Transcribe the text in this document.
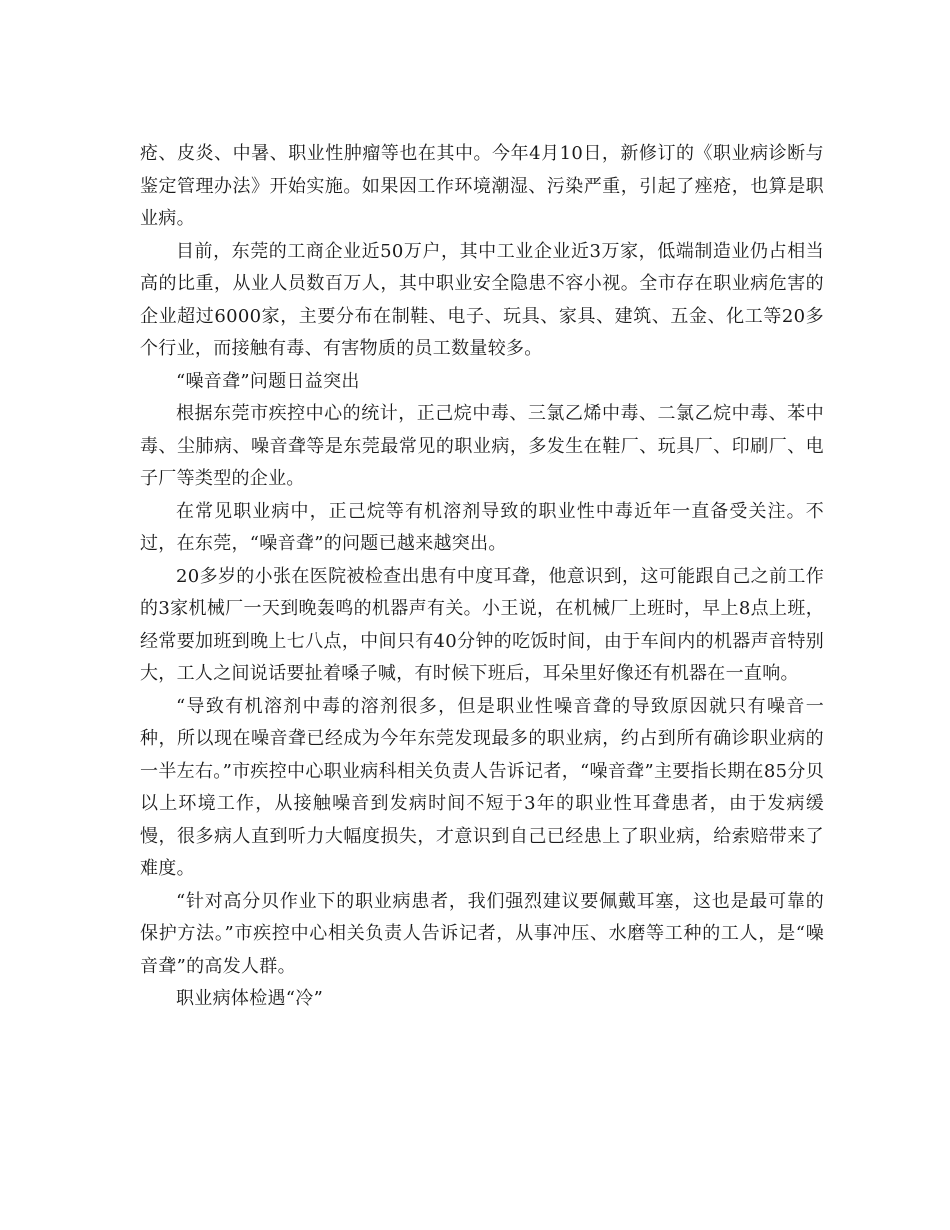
疮、皮炎、中暑、职业性肿瘤等也在其中。今年4月10日，新修订的《职业病诊断与鉴定管理办法》开始实施。如果因工作环境潮湿、污染严重，引起了痤疮，也算是职业病。

目前，东莞的工商企业近50万户，其中工业企业近3万家，低端制造业仍占相当高的比重，从业人员数百万人，其中职业安全隐患不容小视。全市存在职业病危害的企业超过6000家，主要分布在制鞋、电子、玩具、家具、建筑、五金、化工等20多个行业，而接触有毒、有害物质的员工数量较多。

“噪音聋”问题日益突出

根据东莞市疾控中心的统计，正己烷中毒、三氯乙烯中毒、二氯乙烷中毒、苯中毒、尘肺病、噪音聋等是东莞最常见的职业病，多发生在鞋厂、玩具厂、印刷厂、电子厂等类型的企业。

在常见职业病中，正己烷等有机溶剂导致的职业性中毒近年一直备受关注。不过，在东莞，“噪音聋”的问题已越来越突出。

20多岁的小张在医院被检查出患有中度耳聋，他意识到，这可能跟自己之前工作的3家机械厂一天到晚轰鸣的机器声有关。小王说，在机械厂上班时，早上8点上班，经常要加班到晚上七八点，中间只有40分钟的吃饭时间，由于车间内的机器声音特别大，工人之间说话要扯着嗓子喊，有时候下班后，耳朵里好像还有机器在一直响。

“导致有机溶剂中毒的溶剂很多，但是职业性噪音聋的导致原因就只有噪音一种，所以现在噪音聋已经成为今年东莞发现最多的职业病，约占到所有确诊职业病的一半左右。”市疾控中心职业病科相关负责人告诉记者，“噪音聋”主要指长期在85分贝以上环境工作，从接触噪音到发病时间不短于3年的职业性耳聋患者，由于发病缓慢，很多病人直到听力大幅度损失，才意识到自己已经患上了职业病，给索赔带来了难度。

“针对高分贝作业下的职业病患者，我们强烈建议要佩戴耳塞，这也是最可靠的保护方法。”市疾控中心相关负责人告诉记者，从事冲压、水磨等工种的工人，是“噪音聋”的高发人群。

职业病体检遇“冷”
